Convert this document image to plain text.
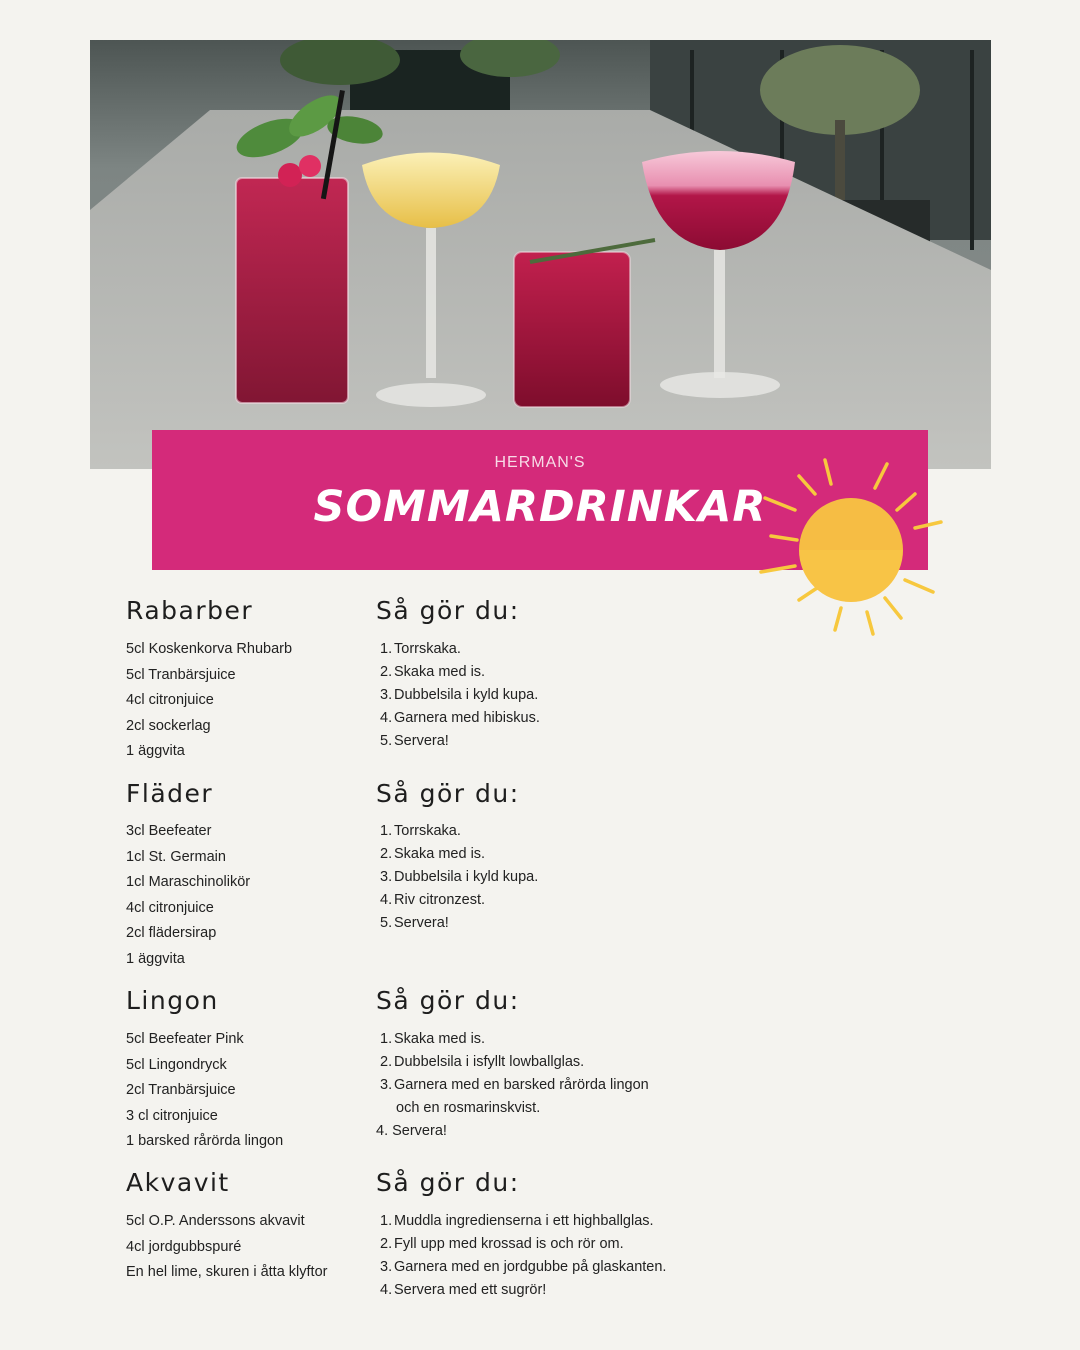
HERMAN'S
SOMMARDRINKAR
Rabarber	Så gör du:
5cl Koskenkorva Rhubarb
5cl Tranbärsjuice
4cl citronjuice
2cl sockerlag
1 äggvita
1. Torrskaka.
2. Skaka med is.
3. Dubbelsila i kyld kupa.
4. Garnera med hibiskus.
5. Servera!
Fläder	Så gör du:
3cl Beefeater
1cl St. Germain
1cl Maraschinolikör
4cl citronjuice
2cl flädersirap
1 äggvita
1. Torrskaka.
2. Skaka med is.
3. Dubbelsila i kyld kupa.
4. Riv citronzest.
5. Servera!
Lingon	Så gör du:
5cl Beefeater Pink
5cl Lingondryck
2cl Tranbärsjuice
3 cl citronjuice
1 barsked rårörda lingon
1. Skaka med is.
2. Dubbelsila i isfyllt lowballglas.
3. Garnera med en barsked rårörda lingon
och en rosmarinskvist.
4. Servera!
Akvavit	Så gör du:
5cl O.P. Anderssons akvavit
4cl jordgubbspuré
En hel lime, skuren i åtta klyftor
1. Muddla ingredienserna i ett highballglas.
2. Fyll upp med krossad is och rör om.
3. Garnera med en jordgubbe på glaskanten.
4. Servera med ett sugrör!
